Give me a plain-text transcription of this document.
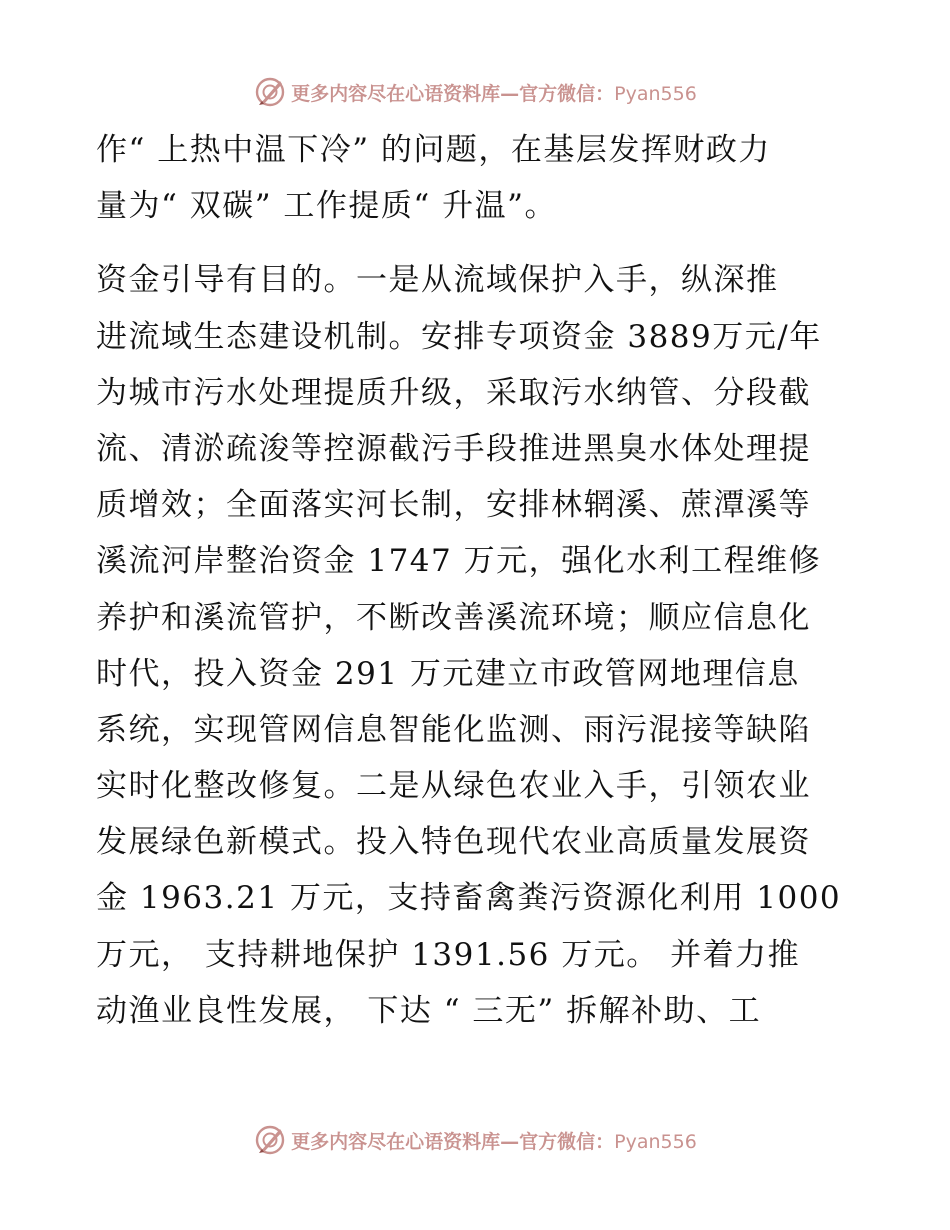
更多内容尽在心语资料库—官方微信：Pyan556
作“ 上热中温下冷” 的问题，在基层发挥财政力
量为“ 双碳” 工作提质“ 升温”。
资金引导有目的。一是从流域保护入手，纵深推
进流域生态建设机制。安排专项资金 3889万元/年
为城市污水处理提质升级，采取污水纳管、分段截
流、清淤疏浚等控源截污手段推进黑臭水体处理提
质增效；全面落实河长制，安排林辋溪、蔗潭溪等
溪流河岸整治资金 1747 万元，强化水利工程维修
养护和溪流管护，不断改善溪流环境；顺应信息化
时代，投入资金 291 万元建立市政管网地理信息
系统，实现管网信息智能化监测、雨污混接等缺陷
实时化整改修复。二是从绿色农业入手，引领农业
发展绿色新模式。投入特色现代农业高质量发展资
金 1963.21 万元，支持畜禽粪污资源化利用 1000
万元， 支持耕地保护 1391.56 万元。 并着力推
动渔业良性发展， 下达 “ 三无” 拆解补助、工
更多内容尽在心语资料库—官方微信：Pyan556
